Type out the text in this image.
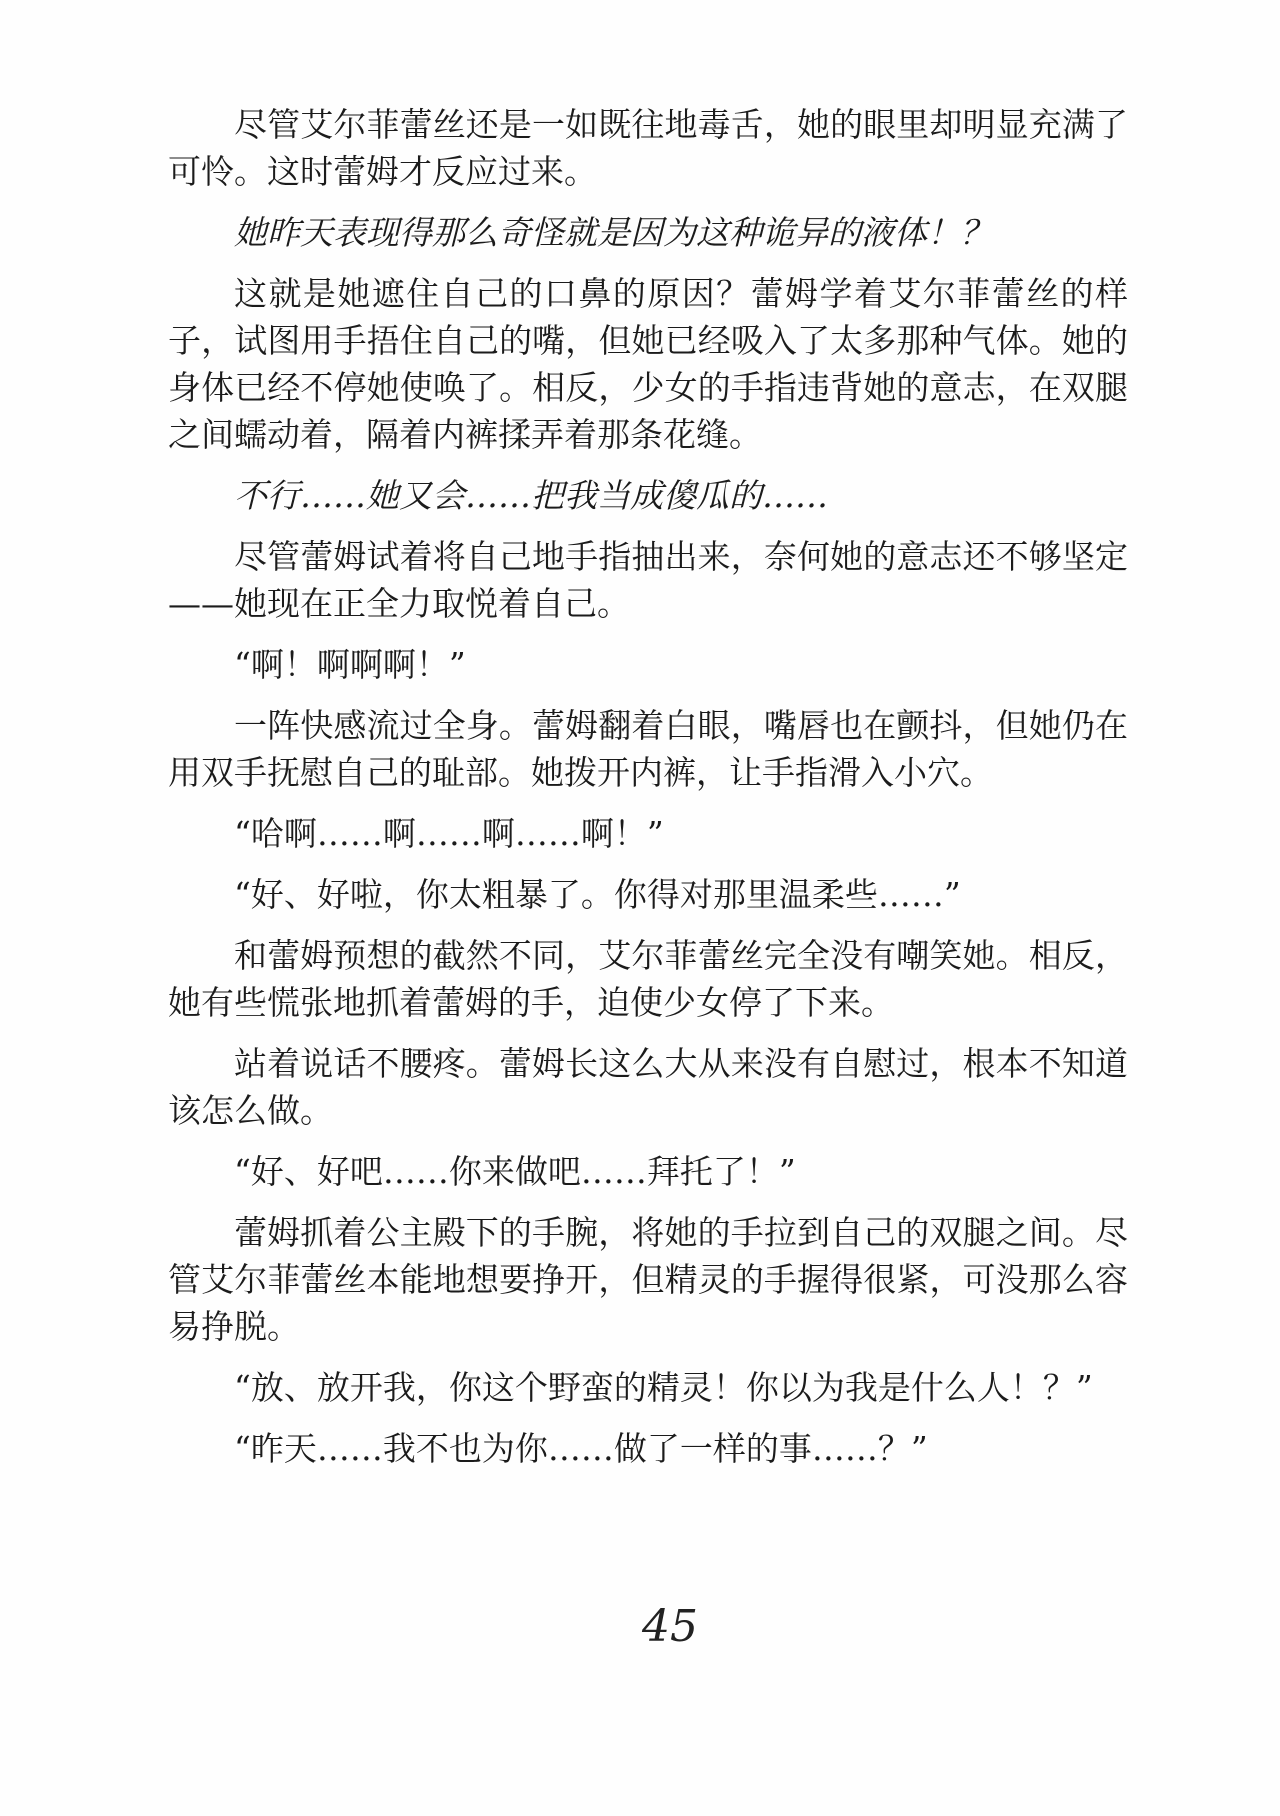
尽管艾尔菲蕾丝还是一如既往地毒舌，她的眼里却明显充满了可怜。这时蕾姆才反应过来。

她昨天表现得那么奇怪就是因为这种诡异的液体！？

这就是她遮住自己的口鼻的原因？蕾姆学着艾尔菲蕾丝的样子，试图用手捂住自己的嘴，但她已经吸入了太多那种气体。她的身体已经不停她使唤了。相反，少女的手指违背她的意志，在双腿之间蠕动着，隔着内裤揉弄着那条花缝。

不行……她又会……把我当成傻瓜的……

尽管蕾姆试着将自己地手指抽出来，奈何她的意志还不够坚定——她现在正全力取悦着自己。

“啊！啊啊啊！”

一阵快感流过全身。蕾姆翻着白眼，嘴唇也在颤抖，但她仍在用双手抚慰自己的耻部。她拨开内裤，让手指滑入小穴。

“哈啊……啊……啊……啊！”

“好、好啦，你太粗暴了。你得对那里温柔些……”

和蕾姆预想的截然不同，艾尔菲蕾丝完全没有嘲笑她。相反，她有些慌张地抓着蕾姆的手，迫使少女停了下来。

站着说话不腰疼。蕾姆长这么大从来没有自慰过，根本不知道该怎么做。

“好、好吧……你来做吧……拜托了！”

蕾姆抓着公主殿下的手腕，将她的手拉到自己的双腿之间。尽管艾尔菲蕾丝本能地想要挣开，但精灵的手握得很紧，可没那么容易挣脱。

“放、放开我，你这个野蛮的精灵！你以为我是什么人！？”

“昨天……我不也为你……做了一样的事……？”

45
